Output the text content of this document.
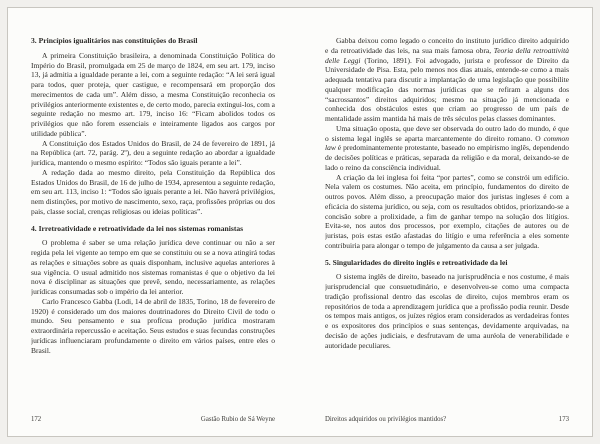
3. Princípios igualitários nas constituições do Brasil

A primeira Constituição brasileira, a denominada Constituição Política do Império do Brasil, promulgada em 25 de março de 1824, em seu art. 179, inciso 13, já admitia a igualdade perante a lei, com a seguinte redação: “A lei será igual para todos, quer proteja, quer castigue, e recompensará em proporção dos merecimentos de cada um”. Além disso, a mesma Constituição reconhecia os privilégios anteriormente existentes e, de certo modo, parecia extingui-los, com a seguinte redação no mesmo art. 179, inciso 16: “Ficam abolidos todos os privilégios que não forem essenciais e inteiramente ligados aos cargos por utilidade pública”.

A Constituição dos Estados Unidos do Brasil, de 24 de fevereiro de 1891, já na República (art. 72, parág. 2º), deu a seguinte redação ao abordar a igualdade jurídica, mantendo o mesmo espírito: “Todos são iguais perante a lei”.

A redação dada ao mesmo direito, pela Constituição da República dos Estados Unidos do Brasil, de 16 de julho de 1934, apresentou a seguinte redação, em seu art. 113, inciso 1: “Todos são iguais perante a lei. Não haverá privilégios, nem distinções, por motivo de nascimento, sexo, raça, profissões próprias ou dos pais, classe social, crenças religiosas ou ideias políticas”.

4. Irretroatividade e retroatividade da lei nos sistemas romanistas

O problema é saber se uma relação jurídica deve continuar ou não a ser regida pela lei vigente ao tempo em que se constituiu ou se a nova atingirá todas as relações e situações sobre as quais disponham, inclusive aquelas anteriores à sua vigência. O usual admitido nos sistemas romanistas é que o objetivo da lei nova é disciplinar as situações que prevê, sendo, necessariamente, as relações jurídicas consumadas sob o império da lei anterior.

Carlo Francesco Gabba (Lodi, 14 de abril de 1835, Torino, 18 de fevereiro de 1920) é considerado um dos maiores doutrinadores do Direito Civil de todo o mundo. Seu pensamento e sua profícua produção jurídica mostraram extraordinária repercussão e aceitação. Seus estudos e suas fecundas construções jurídicas influenciaram profundamente o direito em vários países, entre eles o Brasil.

172	Gastão Rubio de Sá Weyne

Gabba deixou como legado o conceito do instituto jurídico direito adquirido e da retroatividade das leis, na sua mais famosa obra, Teoria della retroattività delle Leggi (Torino, 1891). Foi advogado, jurista e professor de Direito da Universidade de Pisa. Esta, pelo menos nos dias atuais, entende-se como a mais adequada tentativa para discutir a implantação de uma legislação que possibilite qualquer modificação das normas jurídicas que se refiram a alguns dos “sacrossantos” direitos adquiridos; mesmo na situação já mencionada e conhecida dos obstáculos estes que criam ao progresso de um país de mentalidade assim mantida há mais de três séculos pelas classes dominantes.

Uma situação oposta, que deve ser observada do outro lado do mundo, é que o sistema legal inglês se aparta marcantemente do direito romano. O common law é predominantemente protestante, baseado no empirismo inglês, dependendo de decisões políticas e práticas, separada da religião e da moral, deixando-se de lado o reino da consciência individual.

A criação da lei inglesa foi feita “por partes”, como se constrói um edifício. Nela valem os costumes. Não aceita, em princípio, fundamentos do direito de outros povos. Além disso, a preocupação maior dos juristas ingleses é com a eficácia do sistema jurídico, ou seja, com os resultados obtidos, priorizando-se a concisão sobre a prolixidade, a fim de ganhar tempo na solução dos litígios. Evita-se, nos autos dos processos, por exemplo, citações de autores ou de juristas, pois estas estão afastadas do litígio e uma referência a eles somente contribuiria para alongar o tempo de julgamento da causa a ser julgada.

5. Singularidades do direito inglês e retroatividade da lei

O sistema inglês de direito, baseado na jurisprudência e nos costume, é mais jurisprudencial que consuetudinário, e desenvolveu-se como uma compacta tradição profissional dentro das escolas de direito, cujos membros eram os repositórios de toda a aprendizagem jurídica que a profissão podia reunir. Desde os tempos mais antigos, os juízes régios eram considerados as verdadeiras fontes e os expositores dos princípios e suas sentenças, devidamente arquivadas, na decisão de ações judiciais, e desfrutavam de uma auréola de venerabilidade e autoridade peculiares.

Direitos adquiridos ou privilégios mantidos?	173
